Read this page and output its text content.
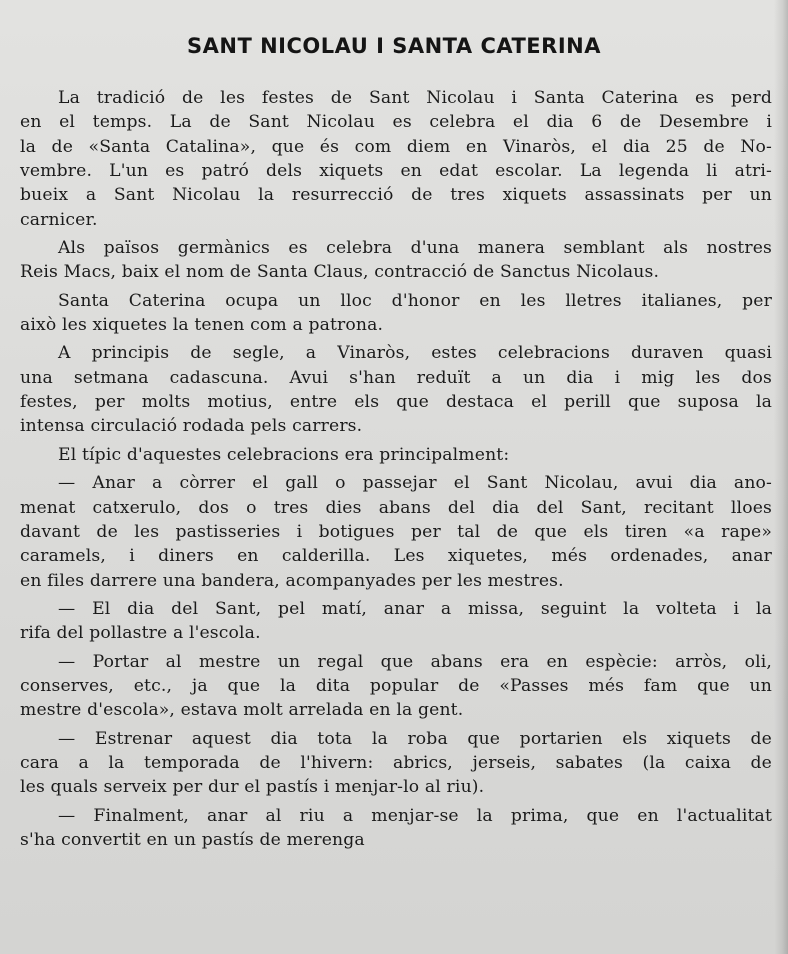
SANT NICOLAU I SANTA CATERINA
La tradició de les festes de Sant Nicolau i Santa Caterina es perd
en el temps. La de Sant Nicolau es celebra el dia 6 de Desembre i
la de «Santa Catalina», que és com diem en Vinaròs, el dia 25 de No-
vembre. L'un es patró dels xiquets en edat escolar. La legenda li atri-
bueix a Sant Nicolau la resurrecció de tres xiquets assassinats per un
carnicer.
Als països germànics es celebra d'una manera semblant als nostres
Reis Macs, baix el nom de Santa Claus, contracció de Sanctus Nicolaus.
Santa Caterina ocupa un lloc d'honor en les lletres italianes, per
això les xiquetes la tenen com a patrona.
A principis de segle, a Vinaròs, estes celebracions duraven quasi
una setmana cadascuna. Avui s'han reduït a un dia i mig les dos
festes, per molts motius, entre els que destaca el perill que suposa la
intensa circulació rodada pels carrers.
El típic d'aquestes celebracions era principalment:
— Anar a còrrer el gall o passejar el Sant Nicolau, avui dia ano-
menat catxerulo, dos o tres dies abans del dia del Sant, recitant lloes
davant de les pastisseries i botigues per tal de que els tiren «a rape»
caramels, i diners en calderilla. Les xiquetes, més ordenades, anar
en files darrere una bandera, acompanyades per les mestres.
— El dia del Sant, pel matí, anar a missa, seguint la volteta i la
rifa del pollastre a l'escola.
— Portar al mestre un regal que abans era en espècie: arròs, oli,
conserves, etc., ja que la dita popular de «Passes més fam que un
mestre d'escola», estava molt arrelada en la gent.
— Estrenar aquest dia tota la roba que portarien els xiquets de
cara a la temporada de l'hivern: abrics, jerseis, sabates (la caixa de
les quals serveix per dur el pastís i menjar-lo al riu).
— Finalment, anar al riu a menjar-se la prima, que en l'actualitat
s'ha convertit en un pastís de merenga
